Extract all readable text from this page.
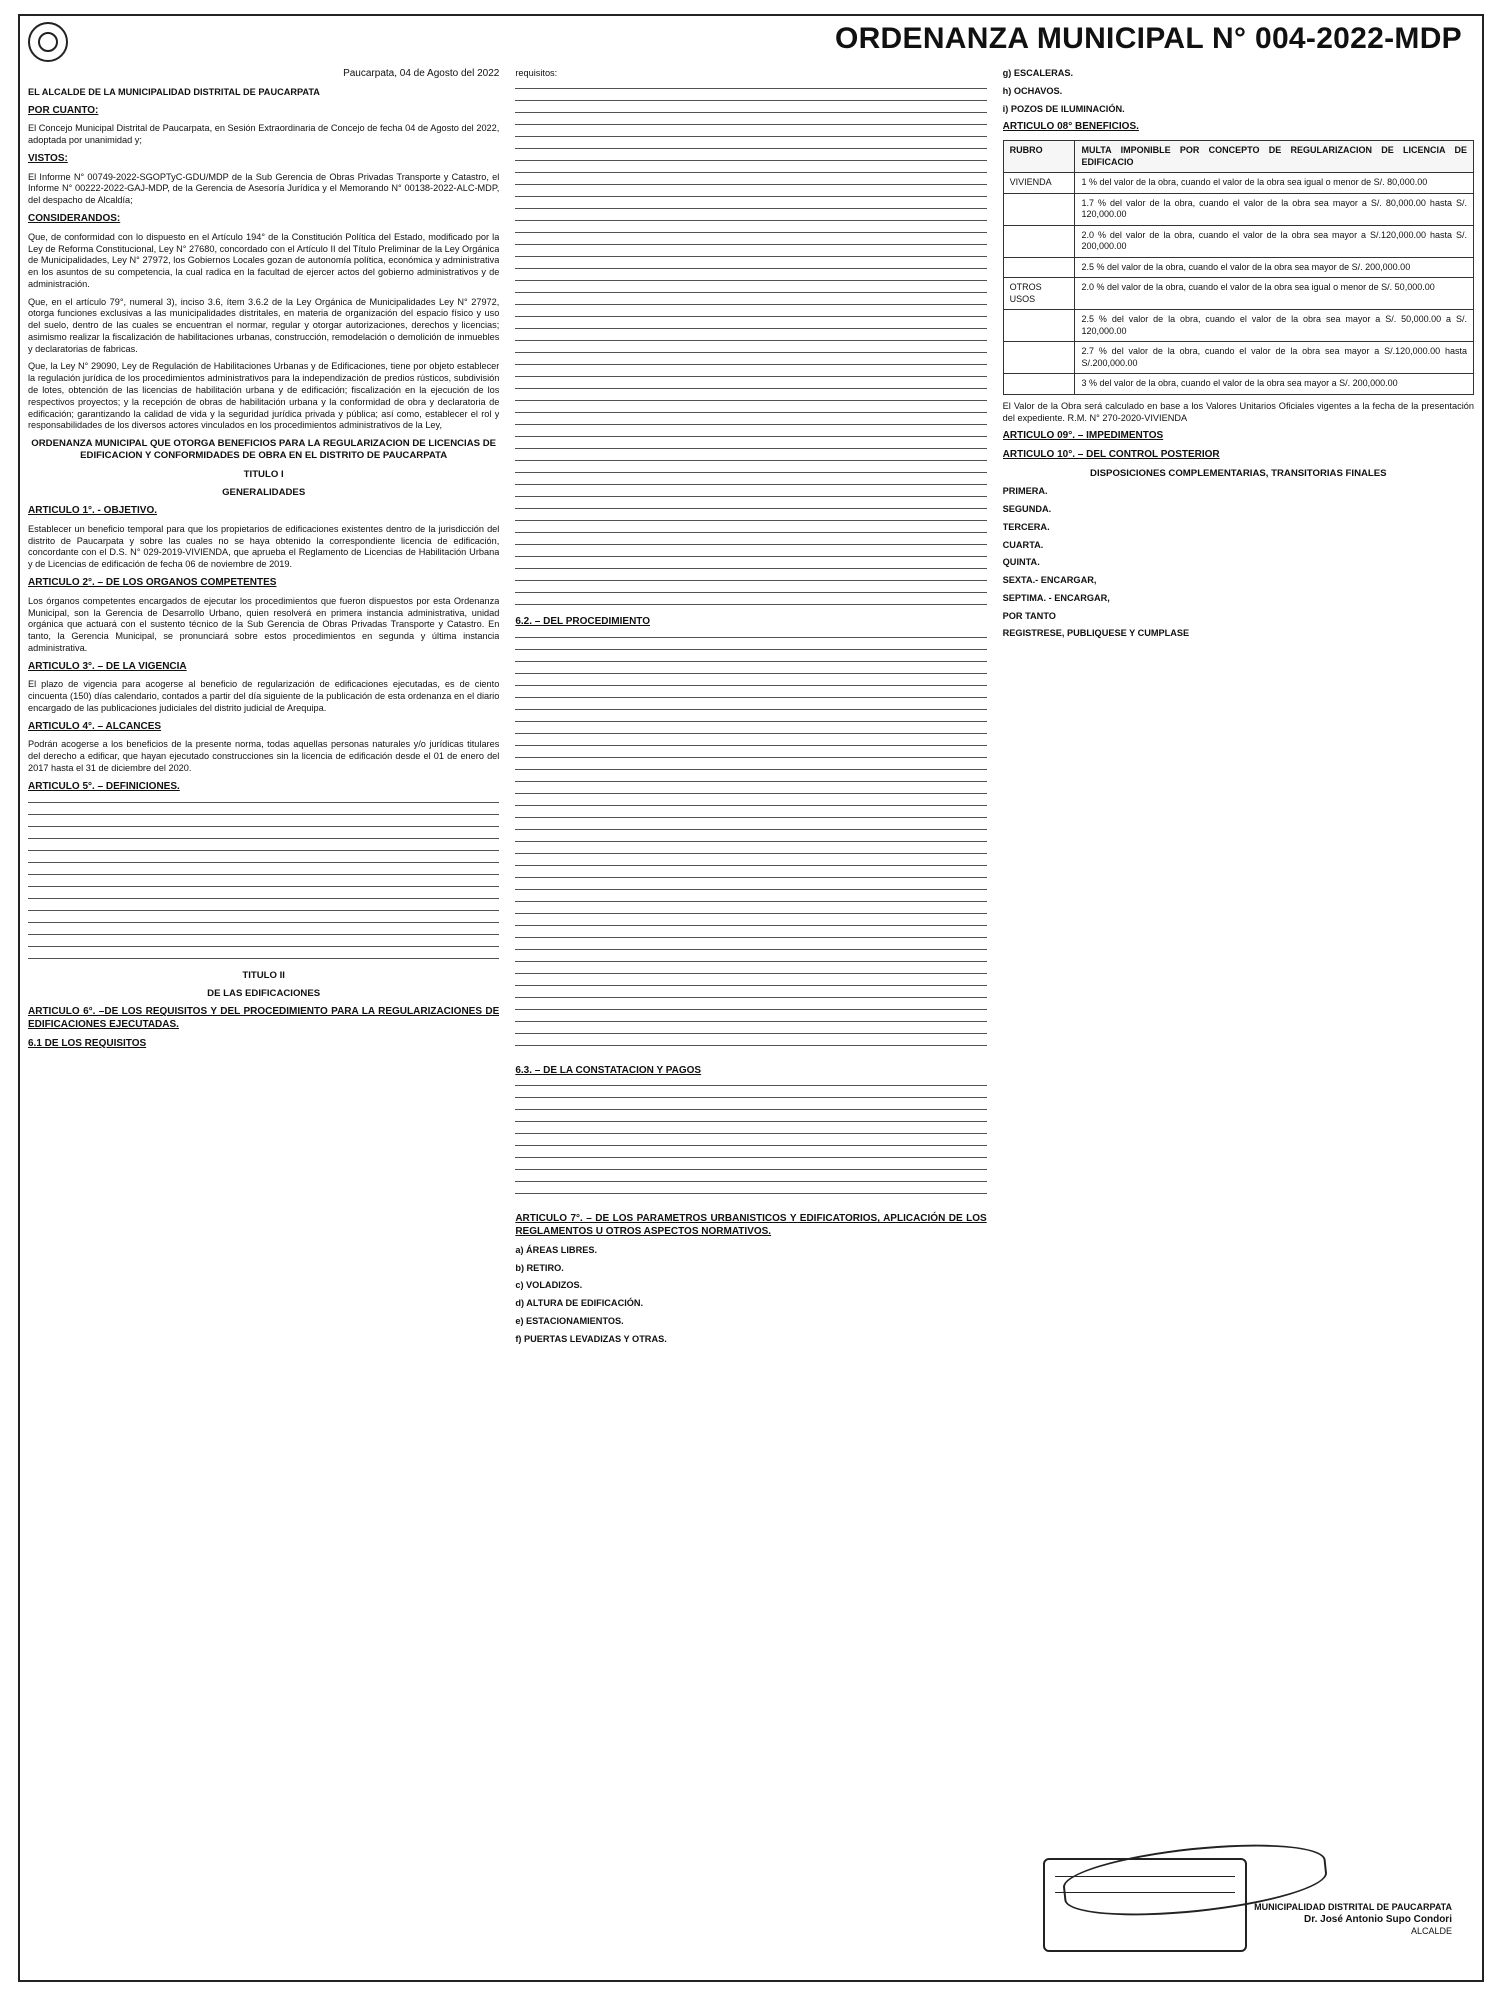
ORDENANZA MUNICIPAL N° 004-2022-MDP
Paucarpata, 04 de Agosto del 2022

EL ALCALDE DE LA MUNICIPALIDAD DISTRITAL DE PAUCARPATA

POR CUANTO:

El Concejo Municipal Distrital de Paucarpata, en Sesión Extraordinaria de Concejo de fecha 04 de Agosto del 2022, adoptada por unanimidad y;

VISTOS:

El Informe N° 00749-2022-SGOPTyC-GDU/MDP de la Sub Gerencia de Obras Privadas Transporte y Catastro, el Informe N° 00222-2022-GAJ-MDP, de la Gerencia de Asesoría Jurídica y el Memorando N° 00138-2022-ALC-MDP, del despacho de Alcaldía;

CONSIDERANDOS:

Que, de conformidad con lo dispuesto en el Artículo 194° de la Constitución Política del Estado, modificado por la Ley de Reforma Constitucional, Ley N° 27680, concordado con el Artículo II del Título Preliminar de la Ley Orgánica de Municipalidades, Ley N° 27972, los Gobiernos Locales gozan de autonomía política, económica y administrativa en los asuntos de su competencia, la cual radica en la facultad de ejercer actos del gobierno administrativos y de administración.

Que, en el artículo 79°, numeral 3), inciso 3.6, ítem 3.6.2 de la Ley Orgánica de Municipalidades Ley N° 27972, otorga funciones exclusivas a las municipalidades distritales, en materia de organización del espacio físico y uso del suelo, dentro de las cuales se encuentran el normar, regular y otorgar autorizaciones, derechos y licencias; asimismo realizar la fiscalización de habilitaciones urbanas, construcción, remodelación o demolición de inmuebles y declaratorias de fabricas.

Que, la Ley N° 29090, Ley de Regulación de Habilitaciones Urbanas y de Edificaciones, tiene por objeto establecer la regulación jurídica de los procedimientos administrativos para la independización de predios rústicos, subdivisión de lotes, obtención de las licencias de habilitación urbana y de edificación; fiscalización en la ejecución de los respectivos proyectos; y la recepción de obras de habilitación urbana y la conformidad de obra y declaratoria de edificación; garantizando la calidad de vida y la seguridad jurídica privada y pública; así como, establecer el rol y responsabilidades de los diversos actores vinculados en los procedimientos administrativos de la Ley,

ORDENANZA MUNICIPAL QUE OTORGA BENEFICIOS PARA LA REGULARIZACION DE LICENCIAS DE EDIFICACION Y CONFORMIDADES DE OBRA EN EL DISTRITO DE PAUCARPATA
TITULO I
GENERALIDADES
ARTICULO 1°. - OBJETIVO.

Establecer un beneficio temporal para que los propietarios de edificaciones existentes dentro de la jurisdicción del distrito de Paucarpata y sobre las cuales no se haya obtenido la correspondiente licencia de edificación, concordante con el D.S. N° 029-2019-VIVIENDA, que aprueba el Reglamento de Licencias de Habilitación Urbana y de Licencias de edificación de fecha 06 de noviembre de 2019.

ARTICULO 2°. – DE LOS ORGANOS COMPETENTES

Los órganos competentes encargados de ejecutar los procedimientos que fueron dispuestos por esta Ordenanza Municipal, son la Gerencia de Desarrollo Urbano, quien resolverá en primera instancia administrativa, unidad orgánica que actuará con el sustento técnico de la Sub Gerencia de Obras Privadas Transporte y Catastro. En tanto, la Gerencia Municipal, se pronunciará sobre estos procedimientos en segunda y última instancia administrativa.

ARTICULO 3°. – DE LA VIGENCIA

El plazo de vigencia para acogerse al beneficio de regularización de edificaciones ejecutadas, es de ciento cincuenta (150) días calendario, contados a partir del día siguiente de la publicación de esta ordenanza en el diario encargado de las publicaciones judiciales del distrito judicial de Arequipa.

ARTICULO 4°. – ALCANCES

Podrán acogerse a los beneficios de la presente norma, todas aquellas personas naturales y/o jurídicas titulares del derecho a edificar, que hayan ejecutado construcciones sin la licencia de edificación desde el 01 de enero del 2017 hasta el 31 de diciembre del 2020.

ARTICULO 5°. – DEFINICIONES.
TITULO II
DE LAS EDIFICACIONES
ARTICULO 6°. –DE LOS REQUISITOS Y DEL PROCEDIMIENTO PARA LA REGULARIZACIONES DE EDIFICACIONES EJECUTADAS.
6.1 DE LOS REQUISITOS

requisitos:

6.2. – DEL PROCEDIMIENTO
6.3. – DE LA CONSTATACION Y PAGOS
ARTICULO 7°. – DE LOS PARAMETROS URBANISTICOS Y EDIFICATORIOS, APLICACIÓN DE LOS REGLAMENTOS U OTROS ASPECTOS NORMATIVOS.

a) ÁREAS LIBRES.

b) RETIRO.

c) VOLADIZOS.

d) ALTURA DE EDIFICACIÓN.

e) ESTACIONAMIENTOS.

f) PUERTAS LEVADIZAS Y OTRAS.

g) ESCALERAS.

h) OCHAVOS.

i) POZOS DE ILUMINACIÓN.

ARTICULO 08° BENEFICIOS.
RUBRO	MULTA IMPONIBLE POR CONCEPTO DE REGULARIZACION DE LICENCIA DE EDIFICACIO
VIVIENDA	1 % del valor de la obra, cuando el valor de la obra sea igual o menor de S/. 80,000.00
	1.7 % del valor de la obra, cuando el valor de la obra sea mayor a S/. 80,000.00 hasta S/. 120,000.00
	2.0 % del valor de la obra, cuando el valor de la obra sea mayor a S/.120,000.00 hasta S/. 200,000.00
	2.5 % del valor de la obra, cuando el valor de la obra sea mayor de S/. 200,000.00
OTROS USOS	2.0 % del valor de la obra, cuando el valor de la obra sea igual o menor de S/. 50,000.00
	2.5 % del valor de la obra, cuando el valor de la obra sea mayor a S/. 50,000.00 a S/. 120,000.00
	2.7 % del valor de la obra, cuando el valor de la obra sea mayor a S/.120,000.00 hasta S/.200,000.00
	3 % del valor de la obra, cuando el valor de la obra sea mayor a S/. 200,000.00

El Valor de la Obra será calculado en base a los Valores Unitarios Oficiales vigentes a la fecha de la presentación del expediente. R.M. N° 270-2020-VIVIENDA

ARTICULO 09°. – IMPEDIMENTOS
ARTICULO 10°. – DEL CONTROL POSTERIOR
DISPOSICIONES COMPLEMENTARIAS, TRANSITORIAS FINALES

PRIMERA.

SEGUNDA.

TERCERA.

CUARTA.

QUINTA.

SEXTA.- ENCARGAR,

SEPTIMA. - ENCARGAR,

POR TANTO

REGISTRESE, PUBLIQUESE Y CUMPLASE

MUNICIPALIDAD DISTRITAL DE PAUCARPATA
Dr. José Antonio Supo Condori
ALCALDE
